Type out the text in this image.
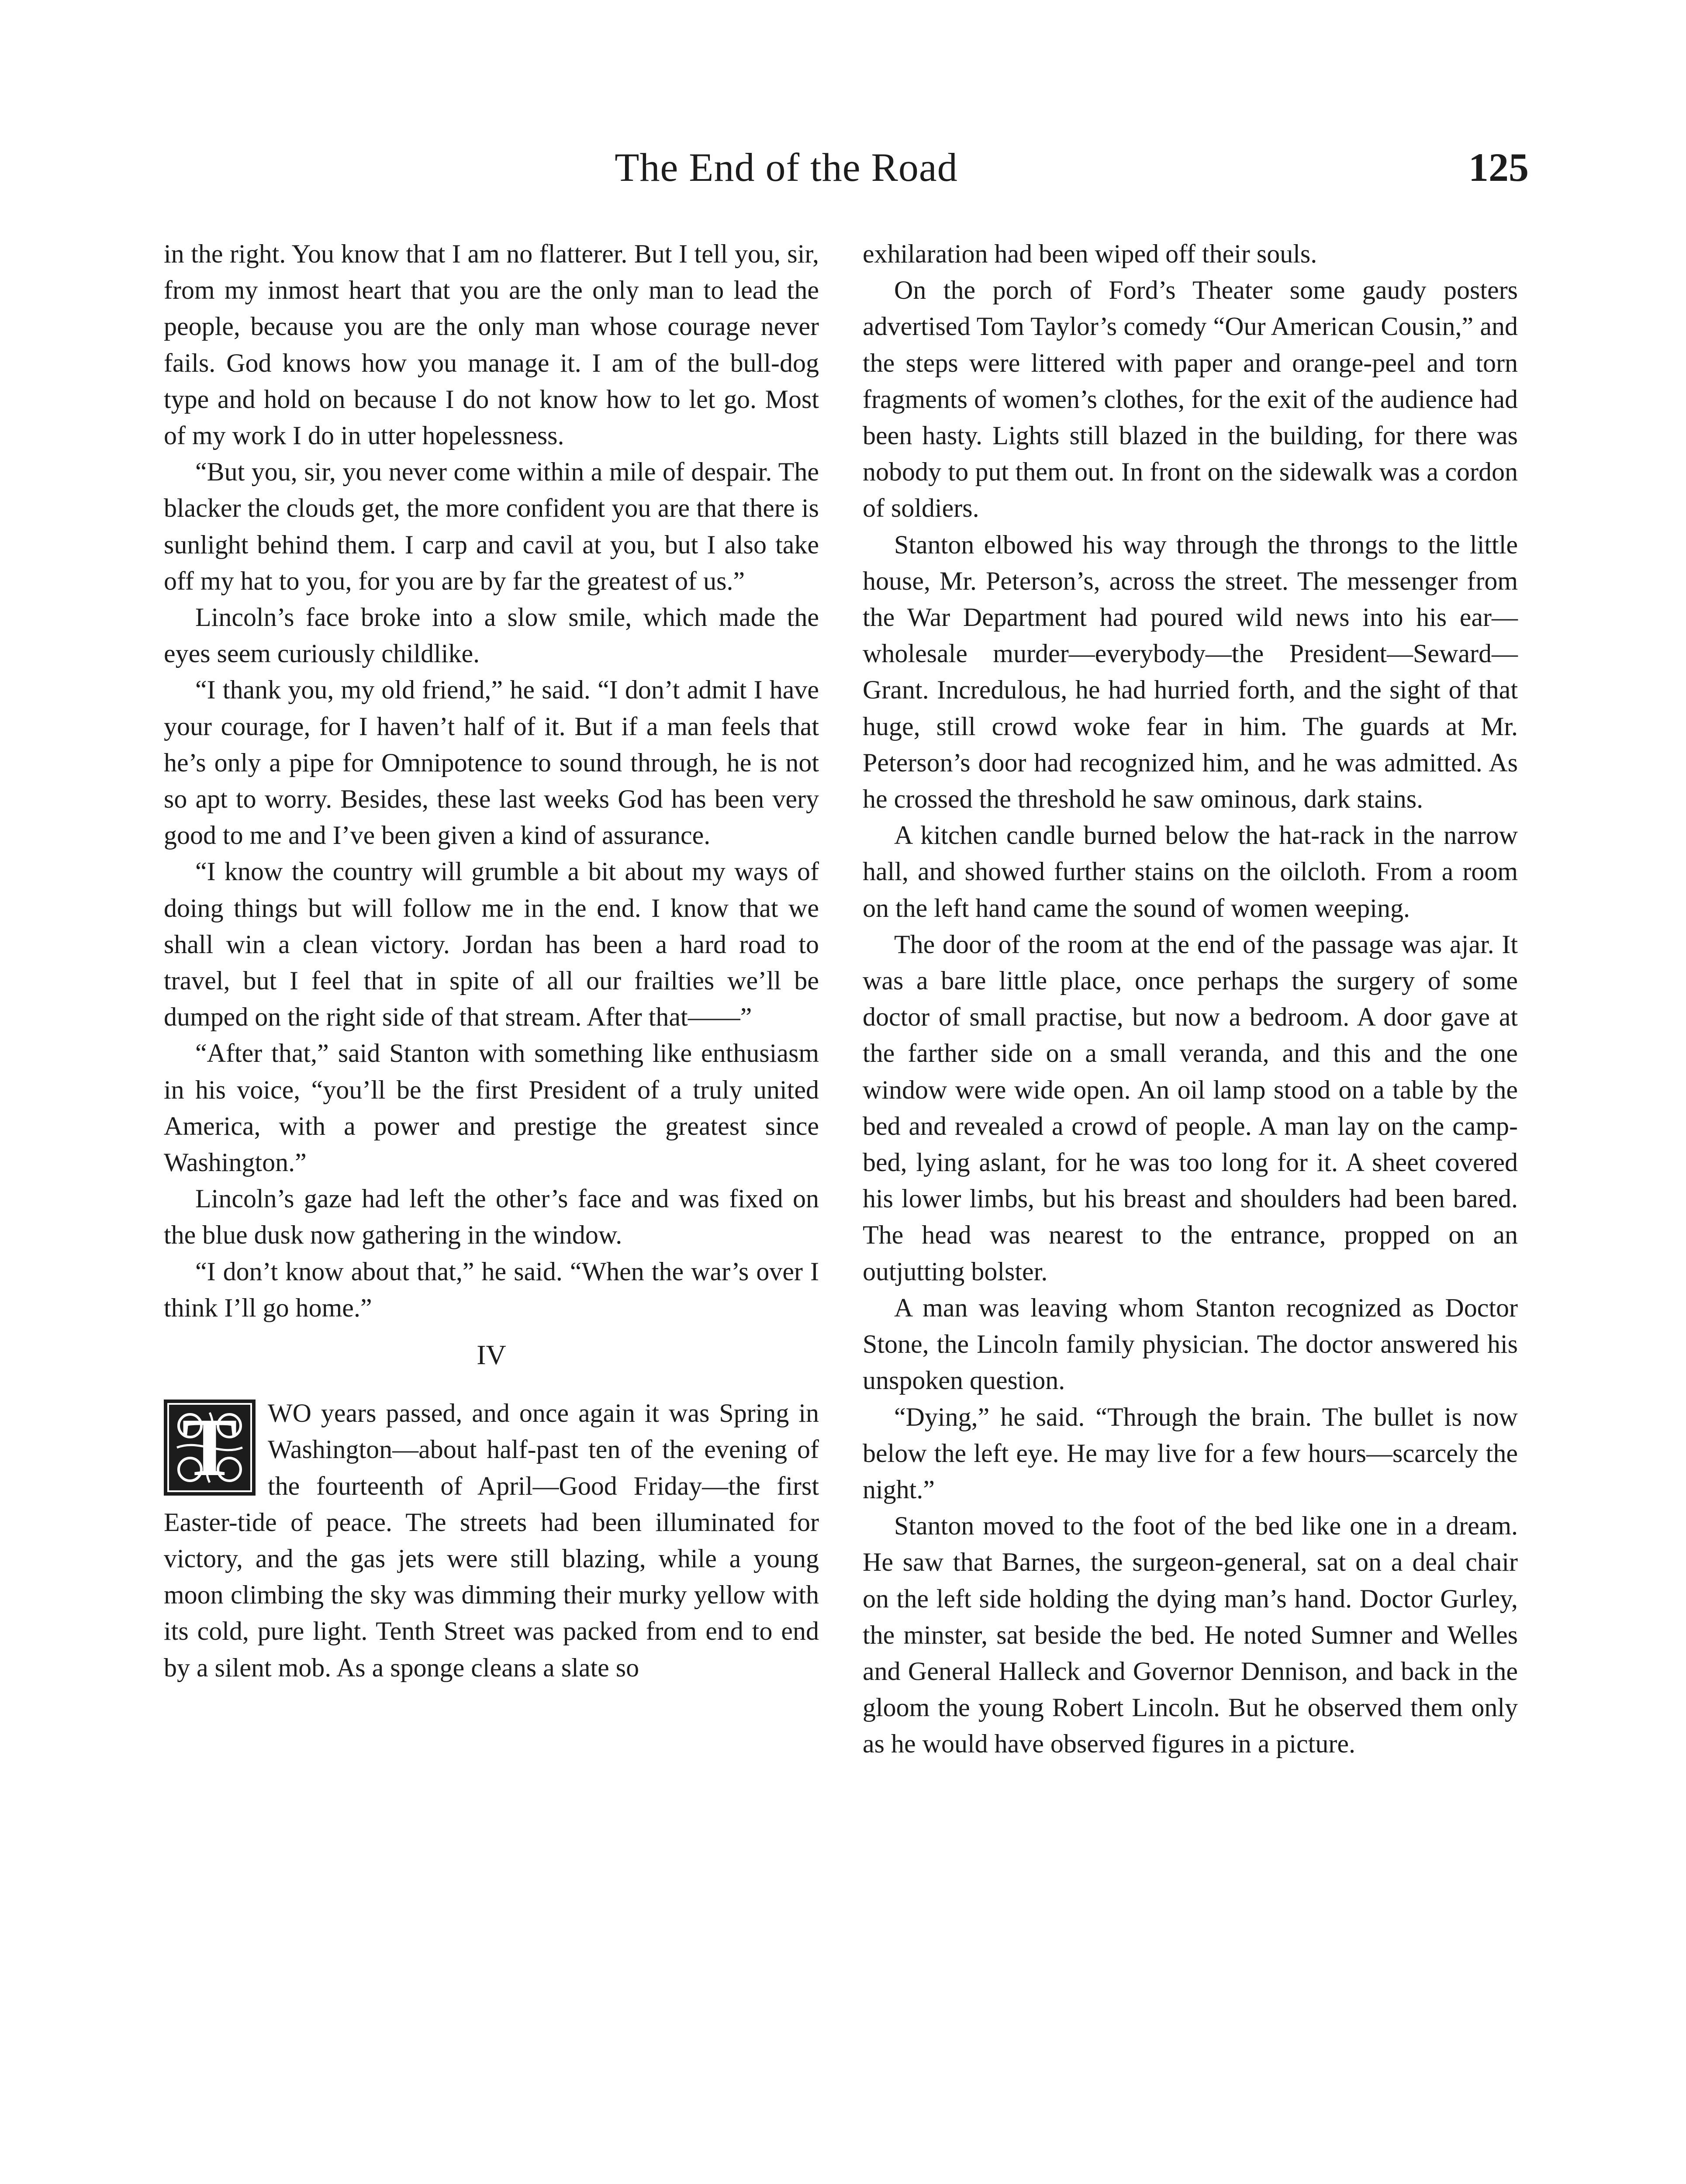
The End of the Road	125

in the right. You know that I am no flatterer. But I tell you, sir, from my inmost heart that you are the only man to lead the people, because you are the only man whose courage never fails. God knows how you manage it. I am of the bull-dog type and hold on because I do not know how to let go. Most of my work I do in utter hopelessness.

“But you, sir, you never come within a mile of despair. The blacker the clouds get, the more confident you are that there is sunlight behind them. I carp and cavil at you, but I also take off my hat to you, for you are by far the greatest of us.”

Lincoln’s face broke into a slow smile, which made the eyes seem curiously childlike.

“I thank you, my old friend,” he said. “I don’t admit I have your courage, for I haven’t half of it. But if a man feels that he’s only a pipe for Omnipotence to sound through, he is not so apt to worry. Besides, these last weeks God has been very good to me and I’ve been given a kind of assurance.

“I know the country will grumble a bit about my ways of doing things but will follow me in the end. I know that we shall win a clean victory. Jordan has been a hard road to travel, but I feel that in spite of all our frailties we’ll be dumped on the right side of that stream. After that——”

“After that,” said Stanton with something like enthusiasm in his voice, “you’ll be the first President of a truly united America, with a power and prestige the greatest since Washington.”

Lincoln’s gaze had left the other’s face and was fixed on the blue dusk now gathering in the window.

“I don’t know about that,” he said. “When the war’s over I think I’ll go home.”

IV

T	WO years passed, and once again it was Spring in Washington—about half-past ten of the evening of the fourteenth of April—Good Friday—the first Easter-tide of peace. The streets had been illuminated for victory, and the gas jets were still blazing, while a young moon climbing the sky was dimming their murky yellow with its cold, pure light. Tenth Street was packed from end to end by a silent mob. As a sponge cleans a slate so

exhilaration had been wiped off their souls.

On the porch of Ford’s Theater some gaudy posters advertised Tom Taylor’s comedy “Our American Cousin,” and the steps were littered with paper and orange-peel and torn fragments of women’s clothes, for the exit of the audience had been hasty. Lights still blazed in the building, for there was nobody to put them out. In front on the sidewalk was a cordon of soldiers.

Stanton elbowed his way through the throngs to the little house, Mr. Peterson’s, across the street. The messenger from the War Department had poured wild news into his ear—wholesale murder—everybody—the President—Seward—Grant. Incredulous, he had hurried forth, and the sight of that huge, still crowd woke fear in him. The guards at Mr. Peterson’s door had recognized him, and he was admitted. As he crossed the threshold he saw ominous, dark stains.

A kitchen candle burned below the hat-rack in the narrow hall, and showed further stains on the oilcloth. From a room on the left hand came the sound of women weeping.

The door of the room at the end of the passage was ajar. It was a bare little place, once perhaps the surgery of some doctor of small practise, but now a bedroom. A door gave at the farther side on a small veranda, and this and the one window were wide open. An oil lamp stood on a table by the bed and revealed a crowd of people. A man lay on the camp-bed, lying aslant, for he was too long for it. A sheet covered his lower limbs, but his breast and shoulders had been bared. The head was nearest to the entrance, propped on an outjutting bolster.

A man was leaving whom Stanton recognized as Doctor Stone, the Lincoln family physician. The doctor answered his unspoken question.

“Dying,” he said. “Through the brain. The bullet is now below the left eye. He may live for a few hours—scarcely the night.”

Stanton moved to the foot of the bed like one in a dream. He saw that Barnes, the surgeon-general, sat on a deal chair on the left side holding the dying man’s hand. Doctor Gurley, the minster, sat beside the bed. He noted Sumner and Welles and General Halleck and Governor Dennison, and back in the gloom the young Robert Lincoln. But he observed them only as he would have observed figures in a picture.
